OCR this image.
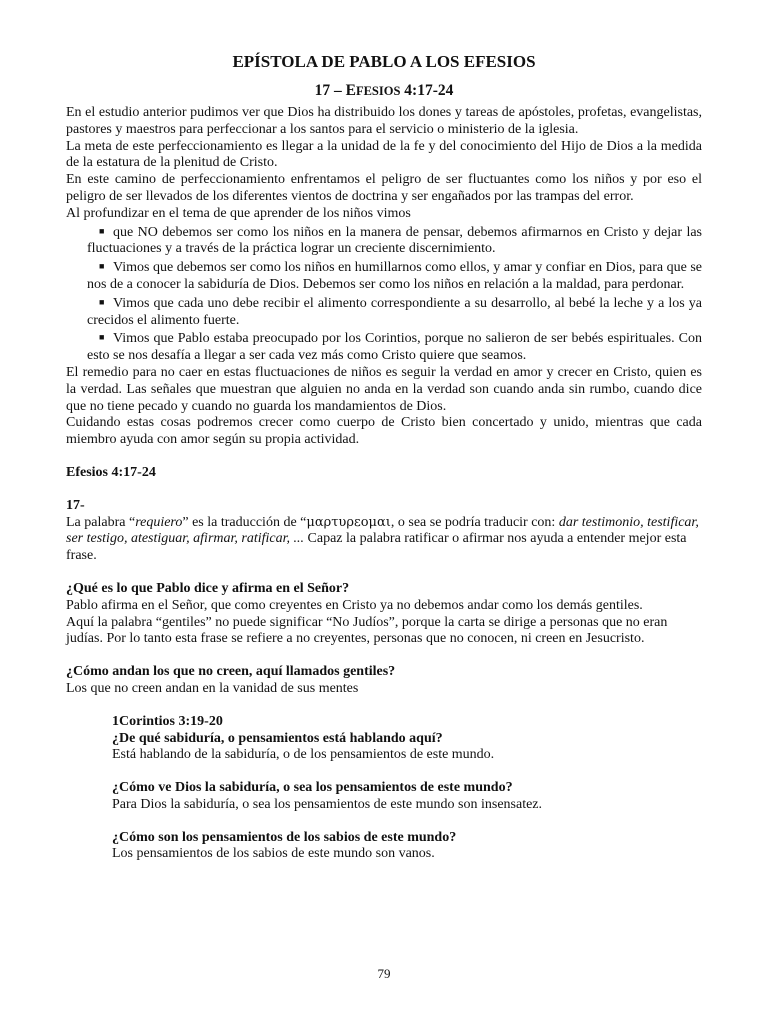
EPÍSTOLA DE PABLO A LOS EFESIOS
17 – EFESIOS 4:17-24

En el estudio anterior pudimos ver que Dios ha distribuido los dones y tareas de apóstoles, profetas, evangelistas, pastores y maestros para perfeccionar a los santos para el servicio o ministerio de la iglesia.

La meta de este perfeccionamiento es llegar a la unidad de la fe y del conocimiento del Hijo de Dios a la medida de la estatura de la plenitud de Cristo.

En este camino de perfeccionamiento enfrentamos el peligro de ser fluctuantes como los niños y por eso el peligro de ser llevados de los diferentes vientos de doctrina y ser engañados por las trampas del error.

Al profundizar en el tema de que aprender de los niños vimos

■ que NO debemos ser como los niños en la manera de pensar, debemos afirmarnos en Cristo y dejar las fluctuaciones y a través de la práctica lograr un creciente discernimiento.
■ Vimos que debemos ser como los niños en humillarnos como ellos, y amar y confiar en Dios, para que se nos de a conocer la sabiduría de Dios. Debemos ser como los niños en relación a la maldad, para perdonar.
■ Vimos que cada uno debe recibir el alimento correspondiente a su desarrollo, al bebé la leche y a los ya crecidos el alimento fuerte.
■ Vimos que Pablo estaba preocupado por los Corintios, porque no salieron de ser bebés espirituales. Con esto se nos desafía a llegar a ser cada vez más como Cristo quiere que seamos.

El remedio para no caer en estas fluctuaciones de niños es seguir la verdad en amor y crecer en Cristo, quien es la verdad. Las señales que muestran que alguien no anda en la verdad son cuando anda sin rumbo, cuando dice que no tiene pecado y cuando no guarda los mandamientos de Dios.

Cuidando estas cosas podremos crecer como cuerpo de Cristo bien concertado y unido, mientras que cada miembro ayuda con amor según su propia actividad.

Efesios 4:17-24

17-

La palabra “requiero” es la traducción de “μαρτυρεομαι, o sea se podría traducir con: dar testimonio, testificar, ser testigo, atestiguar, afirmar, ratificar, ... Capaz la palabra ratificar o afirmar nos ayuda a entender mejor esta frase.

¿Qué es lo que Pablo dice y afirma en el Señor?

Pablo afirma en el Señor, que como creyentes en Cristo ya no debemos andar como los demás gentiles.

Aquí la palabra “gentiles” no puede significar “No Judíos”, porque la carta se dirige a personas que no eran judías. Por lo tanto esta frase se refiere a no creyentes, personas que no conocen, ni creen en Jesucristo.

¿Cómo andan los que no creen, aquí llamados gentiles?

Los que no creen andan en la vanidad de sus mentes

1Corintios 3:19-20

¿De qué sabiduría, o pensamientos está hablando aquí?

Está hablando de la sabiduría, o de los pensamientos de este mundo.

¿Cómo ve Dios la sabiduría, o sea los pensamientos de este mundo?

Para Dios la sabiduría, o sea los pensamientos de este mundo son insensatez.

¿Cómo son los pensamientos de los sabios de este mundo?

Los pensamientos de los sabios de este mundo son vanos.

79
